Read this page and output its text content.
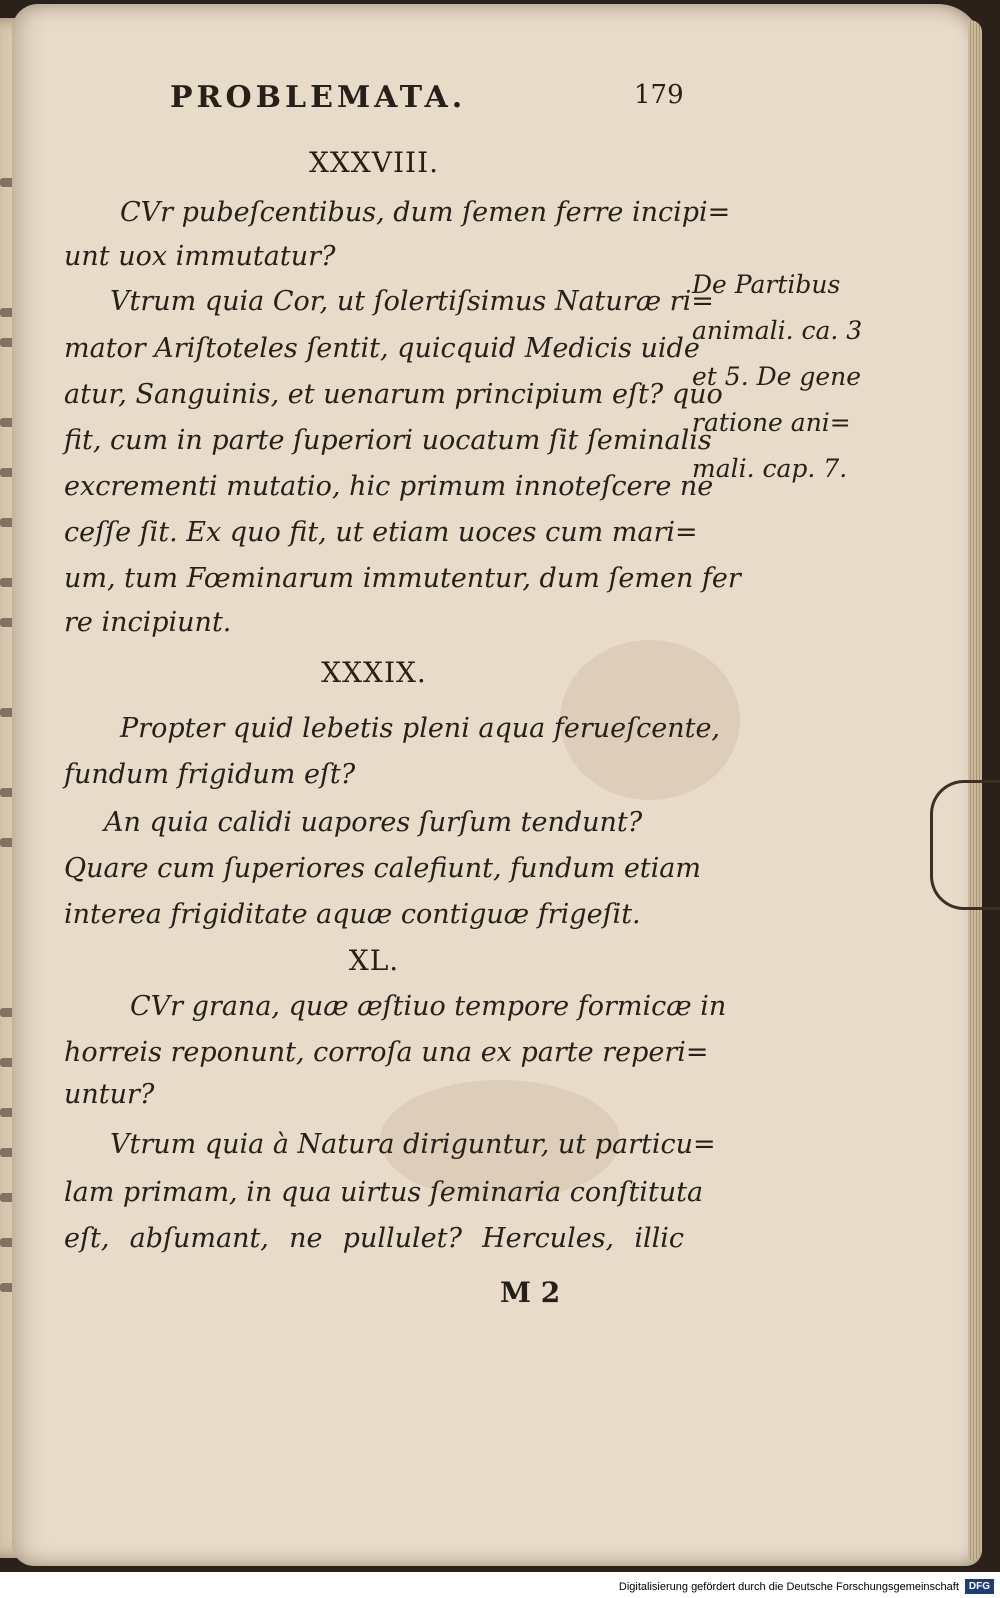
PROBLEMATA.	179
XXXVIII.
CVr pubeſcentibus, dum ſemen ferre incipi=
unt uox immutatur?
Vtrum quia Cor, ut ſolertiſsimus Naturæ ri=
mator Ariſtoteles ſentit, quicquid Medicis uide
atur, Sanguinis, et uenarum principium eſt? quo
fit, cum in parte ſuperiori uocatum ſit ſeminalis
excrementi mutatio, hic primum innoteſcere ne
ceſſe ſit. Ex quo fit, ut etiam uoces cum mari=
um, tum Fœminarum immutentur, dum ſemen fer
re incipiunt.
XXXIX.
Propter quid lebetis pleni aqua ferueſcente,
fundum frigidum eſt?
An quia calidi uapores ſurſum tendunt?
Quare cum ſuperiores calefiunt, fundum etiam
interea frigiditate aquæ contiguæ frigeſit.
XL.
CVr grana, quæ æſtiuo tempore formicæ in
horreis reponunt, corroſa una ex parte reperi=
untur?
Vtrum quia à Natura diriguntur, ut particu=
lam primam, in qua uirtus ſeminaria conſtituta
eſt, abſumant, ne pullulet? Hercules, illic
De Partibus
animali. ca. 3
et 5. De gene
ratione ani=
mali. cap. 7.
M 2
Digitalisierung gefördert durch die Deutsche Forschungsgemeinschaft	DFG
